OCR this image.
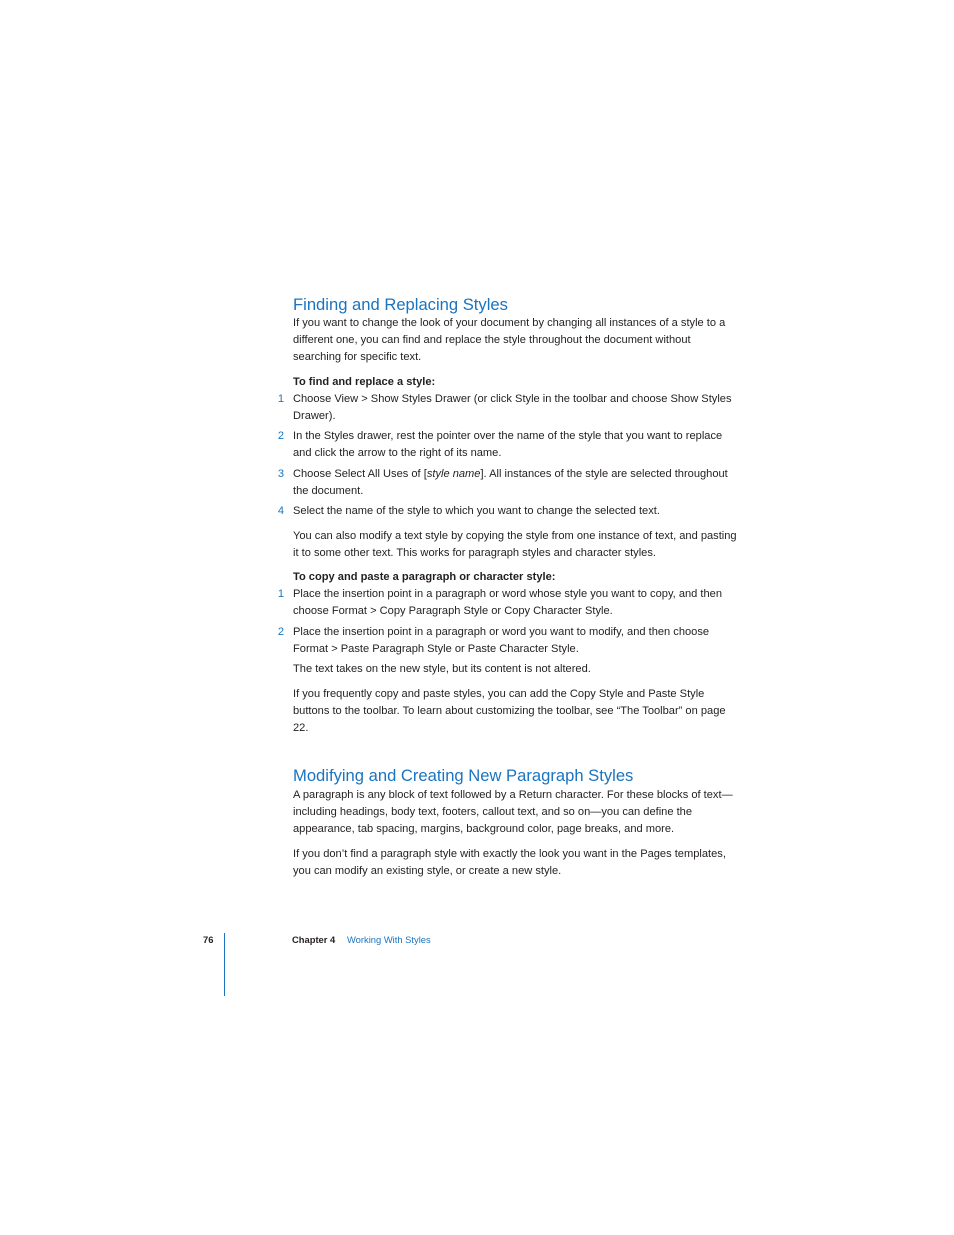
Finding and Replacing Styles

If you want to change the look of your document by changing all instances of a style to a different one, you can find and replace the style throughout the document without searching for specific text.

To find and replace a style:

1 Choose View > Show Styles Drawer (or click Style in the toolbar and choose Show Styles Drawer).

2 In the Styles drawer, rest the pointer over the name of the style that you want to replace and click the arrow to the right of its name.

3 Choose Select All Uses of [style name]. All instances of the style are selected throughout the document.

4 Select the name of the style to which you want to change the selected text.

You can also modify a text style by copying the style from one instance of text, and pasting it to some other text. This works for paragraph styles and character styles.

To copy and paste a paragraph or character style:

1 Place the insertion point in a paragraph or word whose style you want to copy, and then choose Format > Copy Paragraph Style or Copy Character Style.

2 Place the insertion point in a paragraph or word you want to modify, and then choose Format > Paste Paragraph Style or Paste Character Style.

The text takes on the new style, but its content is not altered.

If you frequently copy and paste styles, you can add the Copy Style and Paste Style buttons to the toolbar. To learn about customizing the toolbar, see “The Toolbar” on page 22.

Modifying and Creating New Paragraph Styles

A paragraph is any block of text followed by a Return character. For these blocks of text—including headings, body text, footers, callout text, and so on—you can define the appearance, tab spacing, margins, background color, page breaks, and more.

If you don’t find a paragraph style with exactly the look you want in the Pages templates, you can modify an existing style, or create a new style.

76	Chapter 4 Working With Styles
